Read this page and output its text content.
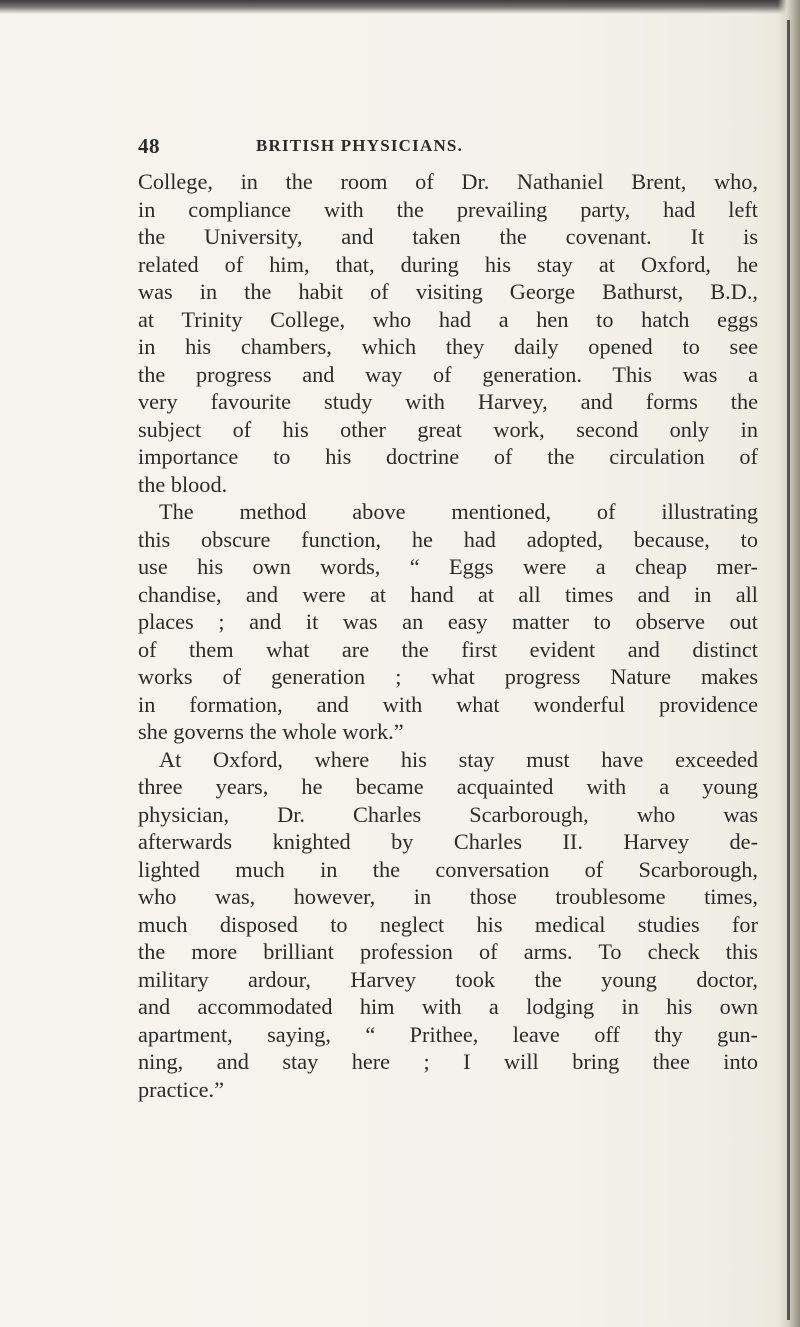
48	BRITISH PHYSICIANS.
College, in the room of Dr. Nathaniel Brent, who,
in compliance with the prevailing party, had left
the University, and taken the covenant. It is
related of him, that, during his stay at Oxford, he
was in the habit of visiting George Bathurst, B.D.,
at Trinity College, who had a hen to hatch eggs
in his chambers, which they daily opened to see
the progress and way of generation. This was a
very favourite study with Harvey, and forms the
subject of his other great work, second only in
importance to his doctrine of the circulation of
the blood.
The method above mentioned, of illustrating
this obscure function, he had adopted, because, to
use his own words, “ Eggs were a cheap mer-
chandise, and were at hand at all times and in all
places ; and it was an easy matter to observe out
of them what are the first evident and distinct
works of generation ; what progress Nature makes
in formation, and with what wonderful providence
she governs the whole work.”
At Oxford, where his stay must have exceeded
three years, he became acquainted with a young
physician, Dr. Charles Scarborough, who was
afterwards knighted by Charles II. Harvey de-
lighted much in the conversation of Scarborough,
who was, however, in those troublesome times,
much disposed to neglect his medical studies for
the more brilliant profession of arms. To check this
military ardour, Harvey took the young doctor,
and accommodated him with a lodging in his own
apartment, saying, “ Prithee, leave off thy gun-
ning, and stay here ; I will bring thee into
practice.”
